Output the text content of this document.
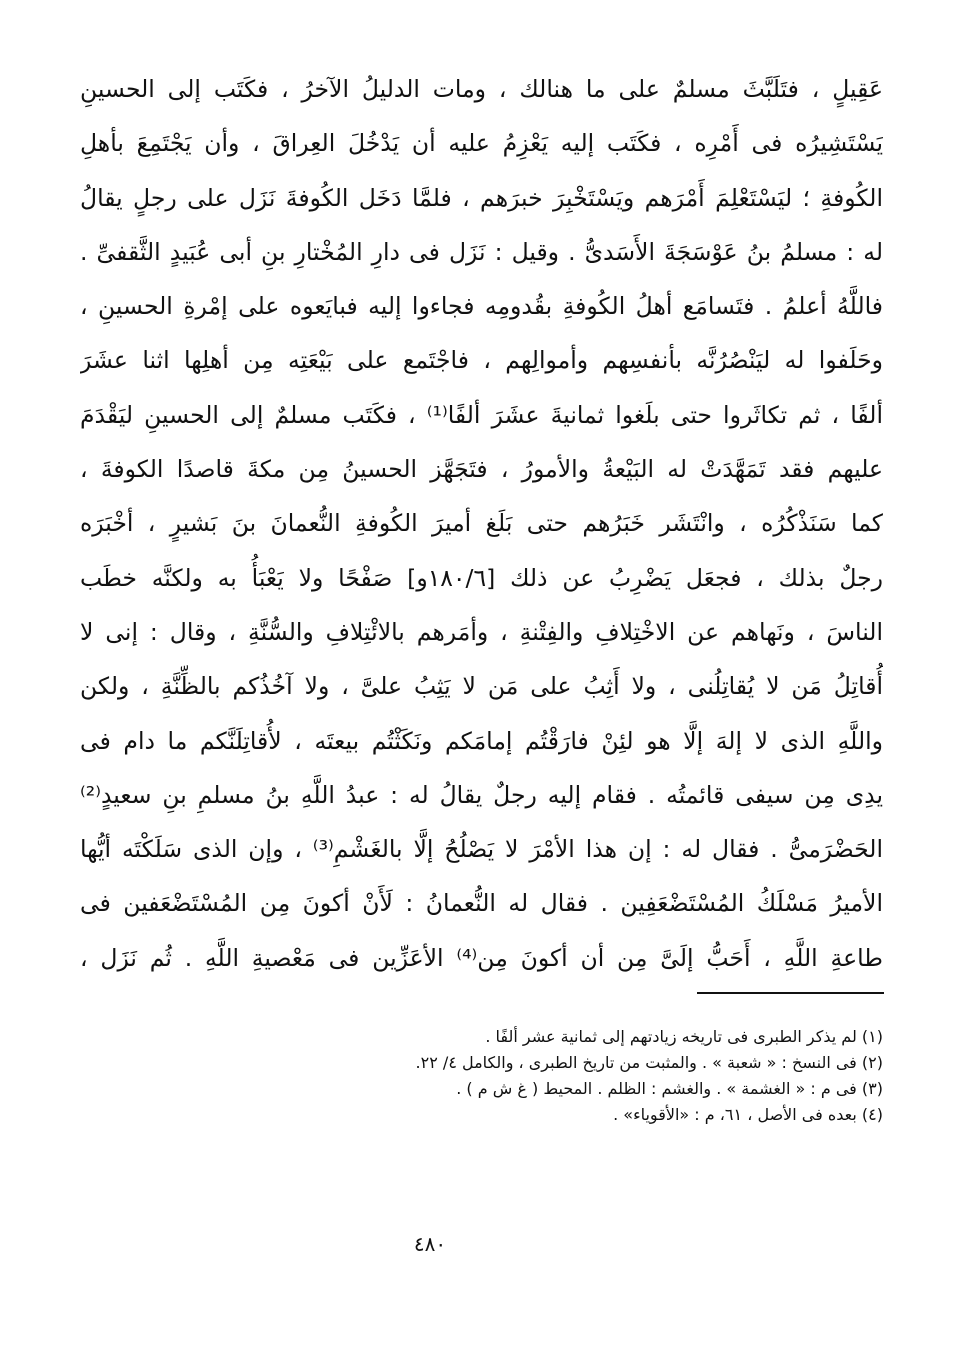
عَقِيلٍ ، فتَلَبَّثَ مسلمٌ على ما هنالك ، ومات الدليلُ الآخرُ ، فكَتَب إلى الحسينِ
يَسْتَشِيرُه فى أَمْرِه ، فكَتَب إليه يَعْزِمُ عليه أن يَدْخُلَ العِراقَ ، وأن يَجْتَمِعَ بأهلِ
الكُوفةِ ؛ ليَسْتَعْلِمَ أَمْرَهم ويَسْتَخْبِرَ خبرَهم ، فلمَّا دَخَل الكُوفةَ نَزَل على رجلٍ يقالُ
له : مسلمُ بنُ عَوْسَجَةَ الأَسَدىُّ . وقيل : نَزَل فى دارِ المُخْتارِ بنِ أبى عُبَيدٍ الثَّقفىِّ .
فاللَّهُ أعلمُ . فتَسامَع أهلُ الكُوفةِ بقُدومِه فجاءوا إليه فبايَعوه على إمْرةِ الحسينِ ،
وحَلَفوا له ليَنْصُرُنَّه بأنفسِهم وأموالِهم ، فاجْتَمع على بَيْعَتِه مِن أهلِها اثنا عشَرَ
ألفًا ، ثم تكاثَروا حتى بلَغوا ثمانيةَ عشَرَ ألفًا⁽¹⁾ ، فكَتَب مسلمٌ إلى الحسينِ ليَقْدَمَ
عليهم فقد تَمَهَّدَتْ له البَيْعةُ والأمورُ ، فتَجَهَّز الحسينُ مِن مكةَ قاصدًا الكوفةَ ،
كما سَنَذْكُرُه ، وانْتَشَر خَبَرُهم حتى بَلَغ أميرَ الكُوفةِ النُّعمانَ بنَ بَشيرٍ ، أخْبَرَه
رجلٌ بذلك ، فجعَل يَضْرِبُ عن ذلك [١٨٠/٦و] صَفْحًا ولا يَعْبَأُ به ولكنَّه خطَب
الناسَ ، ونَهاهم عن الاخْتِلافِ والفِتْنةِ ، وأمَرهم بالائْتِلافِ والسُّنَّةِ ، وقال : إنى لا
أُقاتِلُ مَن لا يُقاتِلُنى ، ولا أَثِبُ على مَن لا يَثِبُ علىَّ ، ولا آخُذُكم بالظِّنَّةِ ، ولكن
واللَّهِ الذى لا إلهَ إلَّا هو لئِنْ فارَقْتُم إمامَكم ونَكَثْتُم بيعتَه ، لأُقاتِلَنَّكم ما دام فى
يدِى مِن سيفى قائمتُه . فقام إليه رجلٌ يقالُ له : عبدُ اللَّهِ بنُ مسلمِ بنِ سعيدٍ⁽²⁾
الحَضْرَمىُّ . فقال له : إن هذا الأمْرَ لا يَصْلُحُ إلَّا بالغَشْمِ⁽³⁾ ، وإن الذى سَلَكْتَه أيُّها
الأميرُ مَسْلَكُ المُسْتَضْعَفِين . فقال له النُّعمانُ : لَأَنْ أكونَ مِن المُسْتَضْعَفين فى
طاعةِ اللَّهِ ، أَحَبُّ إلَىَّ مِن أن أكونَ مِن⁽⁴⁾ الأعَزِّين فى مَعْصيةِ اللَّهِ . ثُم نَزَل ،
(١) لم يذكر الطبرى فى تاريخه زيادتهم إلى ثمانية عشر ألفًا .
(٢) فى النسخ : « شعبة » . والمثبت من تاريخ الطبرى ، والكامل ٤/ ٢٢.
(٣) فى م : « الغشمة » . والغشم : الظلم . المحيط ( غ ش م ) .
(٤) بعده فى الأصل ، ٦١، م : «الأقوياء» .
٤٨٠
